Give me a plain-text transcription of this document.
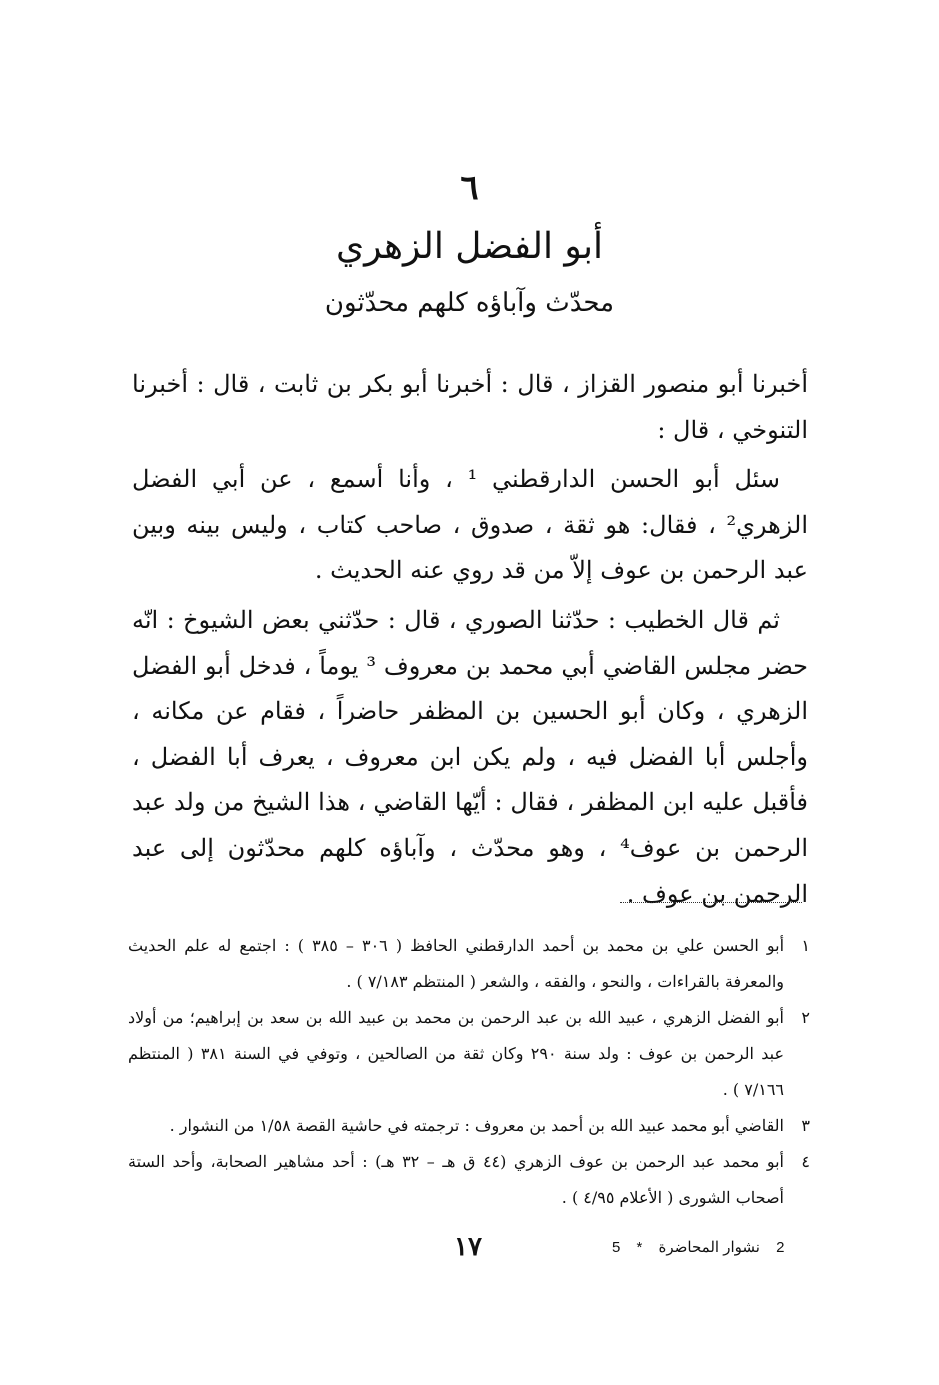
٦
أبو الفضل الزهري
محدّث وآباؤه كلهم محدّثون

أخبرنا أبو منصور القزاز ، قال : أخبرنا أبو بكر بن ثابت ، قال : أخبرنا التنوخي ، قال :

سئل أبو الحسن الدارقطني ¹ ، وأنا أسمع ، عن أبي الفضل الزهري² ، فقال: هو ثقة ، صدوق ، صاحب كتاب ، وليس بينه وبين عبد الرحمن بن عوف إلاّ من قد روي عنه الحديث .

ثم قال الخطيب : حدّثنا الصوري ، قال : حدّثني بعض الشيوخ : انّه حضر مجلس القاضي أبي محمد بن معروف ³ يوماً ، فدخل أبو الفضل الزهري ، وكان أبو الحسين بن المظفر حاضراً ، فقام عن مكانه ، وأجلس أبا الفضل فيه ، ولم يكن ابن معروف ، يعرف أبا الفضل ، فأقبل عليه ابن المظفر ، فقال : أيّها القاضي ، هذا الشيخ من ولد عبد الرحمن بن عوف⁴ ، وهو محدّث ، وآباؤه كلهم محدّثون إلى عبد الرحمن بن عوف .

١
أبو الحسن علي بن محمد بن أحمد الدارقطني الحافظ ( ٣٠٦ – ٣٨٥ ) : اجتمع له علم الحديث والمعرفة بالقراءات ، والنحو ، والفقه ، والشعر ( المنتظم ٧/١٨٣ ) .
٢
أبو الفضل الزهري ، عبيد الله بن عبد الرحمن بن محمد بن عبيد الله بن سعد بن إبراهيم؛ من أولاد عبد الرحمن بن عوف : ولد سنة ٢٩٠ وكان ثقة من الصالحين ، وتوفي في السنة ٣٨١ ( المنتظم ٧/١٦٦ ) .
٣
القاضي أبو محمد عبيد الله بن أحمد بن معروف : ترجمته في حاشية القصة ١/٥٨ من النشوار .
٤
أبو محمد عبد الرحمن بن عوف الزهري (٤٤ ق هـ – ٣٢ هـ) : أحد مشاهير الصحابة، وأحد الستة أصحاب الشورى ( الأعلام ٤/٩٥ ) .
١٧	5 * نشوار المحاضرة 2
